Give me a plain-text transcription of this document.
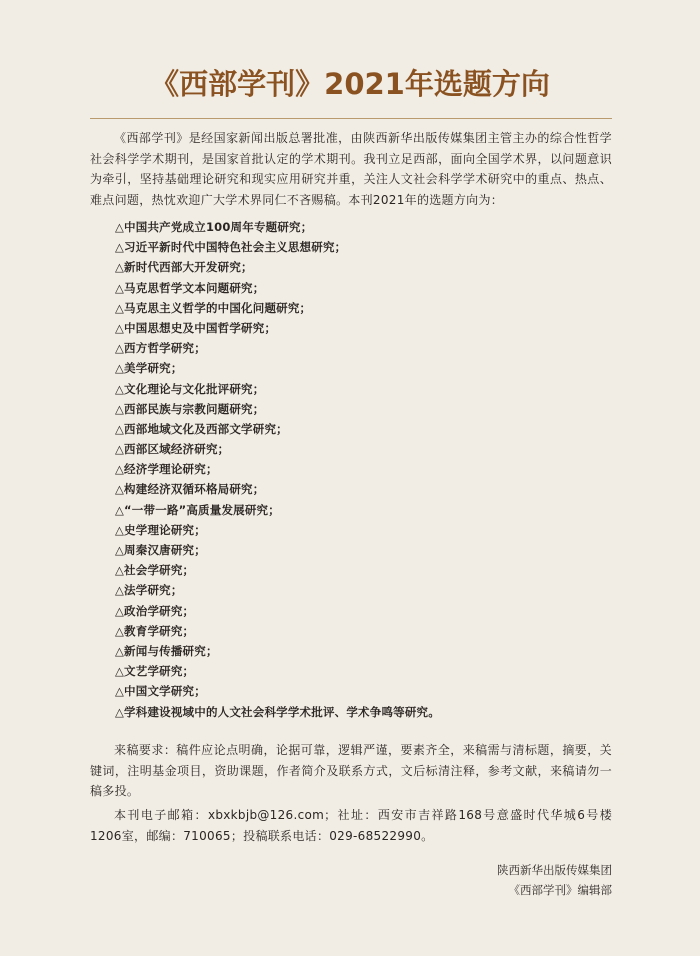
《西部学刊》2021年选题方向

《西部学刊》是经国家新闻出版总署批准，由陕西新华出版传媒集团主管主办的综合性哲学社会科学学术期刊，是国家首批认定的学术期刊。我刊立足西部，面向全国学术界，以问题意识为牵引，坚持基础理论研究和现实应用研究并重，关注人文社会科学学术研究中的重点、热点、难点问题，热忱欢迎广大学术界同仁不吝赐稿。本刊2021年的选题方向为：

△中国共产党成立100周年专题研究；
△习近平新时代中国特色社会主义思想研究；
△新时代西部大开发研究；
△马克思哲学文本问题研究；
△马克思主义哲学的中国化问题研究；
△中国思想史及中国哲学研究；
△西方哲学研究；
△美学研究；
△文化理论与文化批评研究；
△西部民族与宗教问题研究；
△西部地域文化及西部文学研究；
△西部区域经济研究；
△经济学理论研究；
△构建经济双循环格局研究；
△“一带一路”高质量发展研究；
△史学理论研究；
△周秦汉唐研究；
△社会学研究；
△法学研究；
△政治学研究；
△教育学研究；
△新闻与传播研究；
△文艺学研究；
△中国文学研究；
△学科建设视域中的人文社会科学学术批评、学术争鸣等研究。

来稿要求：稿件应论点明确，论据可靠，逻辑严谨，要素齐全，来稿需与清标题，摘要，关键词，注明基金项目，资助课题，作者简介及联系方式，文后标清注释，参考文献，来稿请勿一稿多投。

本刊电子邮箱：xbxkbjb@126.com；社址：西安市吉祥路168号意盛时代华城6号楼1206室，邮编：710065；投稿联系电话：029-68522990。

陕西新华出版传媒集团
《西部学刊》编辑部
